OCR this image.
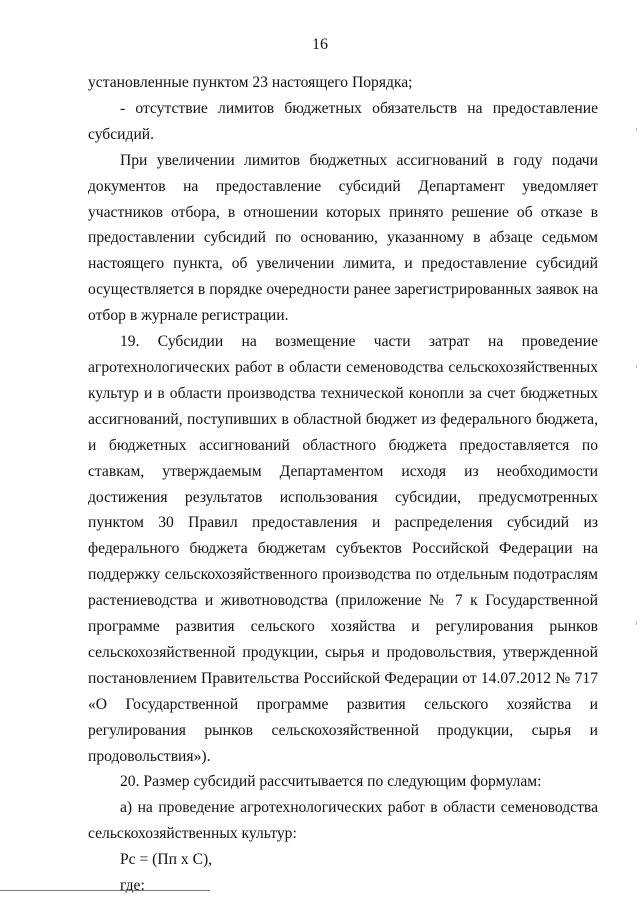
16

установленные пунктом 23 настоящего Порядка;

- отсутствие лимитов бюджетных обязательств на предоставление субсидий.

При увеличении лимитов бюджетных ассигнований в году подачи документов на предоставление субсидий Департамент уведомляет участников отбора, в отношении которых принято решение об отказе в предоставлении субсидий по основанию, указанному в абзаце седьмом настоящего пункта, об увеличении лимита, и предоставление субсидий осуществляется в порядке очередности ранее зарегистрированных заявок на отбор в журнале регистрации.

19. Субсидии на возмещение части затрат на проведение агротехнологических работ в области семеноводства сельскохозяйственных культур и в области производства технической конопли за счет бюджетных ассигнований, поступивших в областной бюджет из федерального бюджета, и бюджетных ассигнований областного бюджета предоставляется по ставкам, утверждаемым Департаментом исходя из необходимости достижения результатов использования субсидии, предусмотренных пунктом 30 Правил предоставления и распределения субсидий из федерального бюджета бюджетам субъектов Российской Федерации на поддержку сельскохозяйственного производства по отдельным подотраслям растениеводства и животноводства (приложение № 7 к Государственной программе развития сельского хозяйства и регулирования рынков сельскохозяйственной продукции, сырья и продовольствия, утвержденной постановлением Правительства Российской Федерации от 14.07.2012 № 717 «О Государственной программе развития сельского хозяйства и регулирования рынков сельскохозяйственной продукции, сырья и продовольствия»).

20. Размер субсидий рассчитывается по следующим формулам:

а) на проведение агротехнологических работ в области семеноводства сельскохозяйственных культур:

Рс = (Пп х С),

где:
